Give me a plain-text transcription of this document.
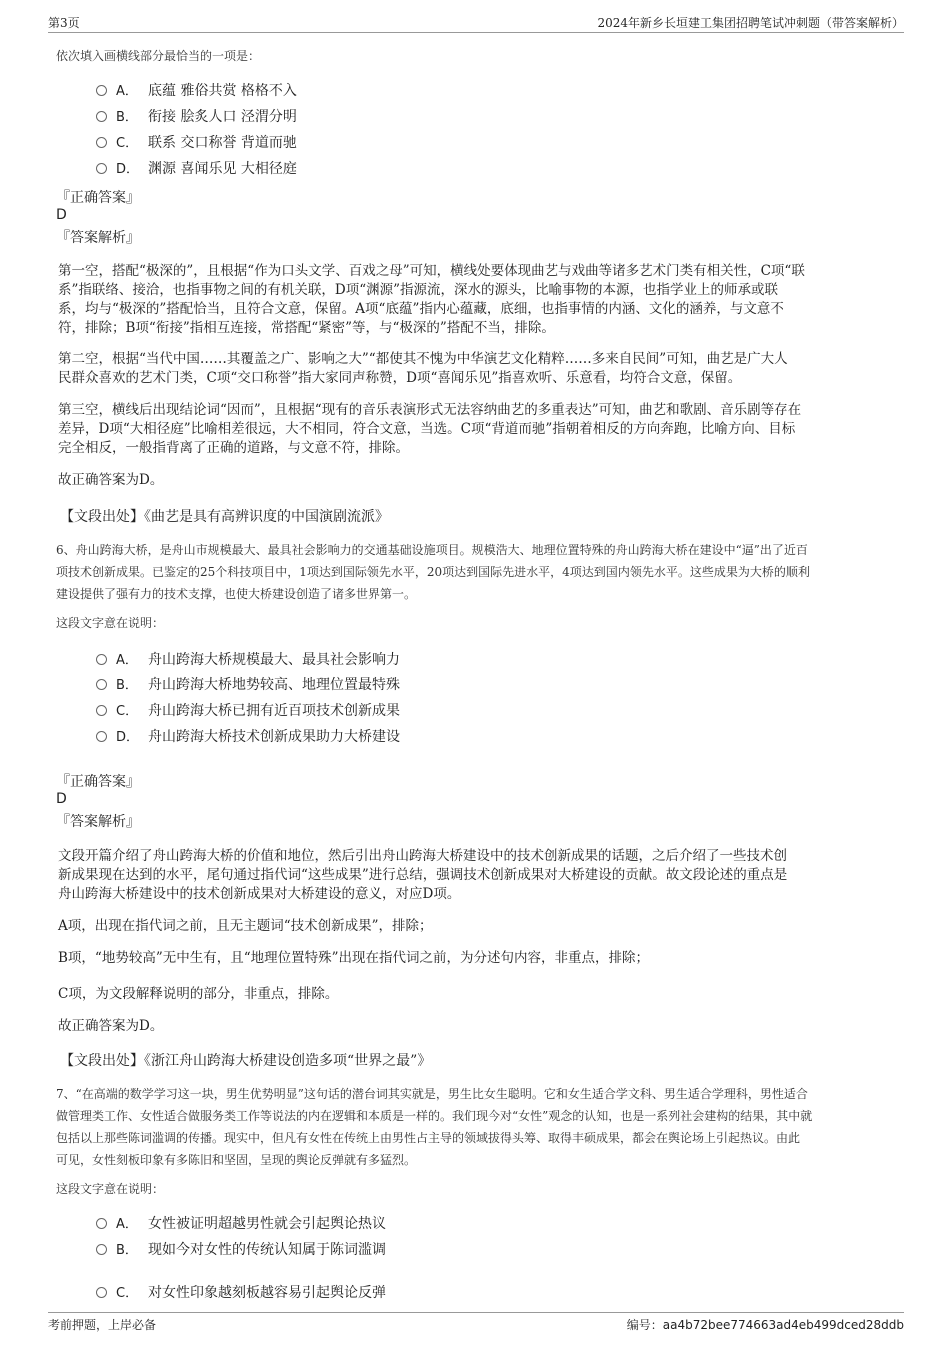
第3页	2024年新乡长垣建工集团招聘笔试冲刺题（带答案解析）
依次填入画横线部分最恰当的一项是：
A． 底蕴 雅俗共赏 格格不入
B． 衔接 脍炙人口 泾渭分明
C． 联系 交口称誉 背道而驰
D． 渊源 喜闻乐见 大相径庭
『正确答案』
D
『答案解析』
第一空，搭配“极深的”，且根据“作为口头文学、百戏之母”可知，横线处要体现曲艺与戏曲等诸多艺术门类有相关性，C项“联
系”指联络、接洽，也指事物之间的有机关联，D项“渊源”指源流，深水的源头，比喻事物的本源，也指学业上的师承或联
系，均与“极深的”搭配恰当，且符合文意，保留。A项“底蕴”指内心蕴藏，底细，也指事情的内涵、文化的涵养，与文意不
符，排除；B项“衔接”指相互连接，常搭配“紧密”等，与“极深的”搭配不当，排除。
第二空，根据“当代中国……其覆盖之广、影响之大”“都使其不愧为中华演艺文化精粹……多来自民间”可知，曲艺是广大人
民群众喜欢的艺术门类，C项“交口称誉”指大家同声称赞，D项“喜闻乐见”指喜欢听、乐意看，均符合文意，保留。
第三空，横线后出现结论词“因而”，且根据“现有的音乐表演形式无法容纳曲艺的多重表达”可知，曲艺和歌剧、音乐剧等存在
差异，D项“大相径庭”比喻相差很远，大不相同，符合文意，当选。C项“背道而驰”指朝着相反的方向奔跑，比喻方向、目标
完全相反，一般指背离了正确的道路，与文意不符，排除。
故正确答案为D。
【文段出处】《曲艺是具有高辨识度的中国演剧流派》
6、舟山跨海大桥，是舟山市规模最大、最具社会影响力的交通基础设施项目。规模浩大、地理位置特殊的舟山跨海大桥在建设中“逼”出了近百
项技术创新成果。已鉴定的25个科技项目中，1项达到国际领先水平，20项达到国际先进水平，4项达到国内领先水平。这些成果为大桥的顺利
建设提供了强有力的技术支撑，也使大桥建设创造了诸多世界第一。
这段文字意在说明：
A． 舟山跨海大桥规模最大、最具社会影响力
B． 舟山跨海大桥地势较高、地理位置最特殊
C． 舟山跨海大桥已拥有近百项技术创新成果
D． 舟山跨海大桥技术创新成果助力大桥建设
『正确答案』
D
『答案解析』
文段开篇介绍了舟山跨海大桥的价值和地位，然后引出舟山跨海大桥建设中的技术创新成果的话题，之后介绍了一些技术创
新成果现在达到的水平，尾句通过指代词“这些成果”进行总结，强调技术创新成果对大桥建设的贡献。故文段论述的重点是
舟山跨海大桥建设中的技术创新成果对大桥建设的意义，对应D项。
A项，出现在指代词之前，且无主题词“技术创新成果”，排除；
B项，“地势较高”无中生有，且“地理位置特殊”出现在指代词之前，为分述句内容，非重点，排除；
C项，为文段解释说明的部分，非重点，排除。
故正确答案为D。
【文段出处】《浙江舟山跨海大桥建设创造多项“世界之最”》
7、“在高端的数学学习这一块，男生优势明显”这句话的潜台词其实就是，男生比女生聪明。它和女生适合学文科、男生适合学理科，男性适合
做管理类工作、女性适合做服务类工作等说法的内在逻辑和本质是一样的。我们现今对“女性”观念的认知，也是一系列社会建构的结果，其中就
包括以上那些陈词滥调的传播。现实中，但凡有女性在传统上由男性占主导的领域拔得头筹、取得丰硕成果，都会在舆论场上引起热议。由此
可见，女性刻板印象有多陈旧和坚固，呈现的舆论反弹就有多猛烈。
这段文字意在说明：
A． 女性被证明超越男性就会引起舆论热议
B． 现如今对女性的传统认知属于陈词滥调
C． 对女性印象越刻板越容易引起舆论反弹
考前押题，上岸必备	编号：aa4b72bee774663ad4eb499dced28ddb
